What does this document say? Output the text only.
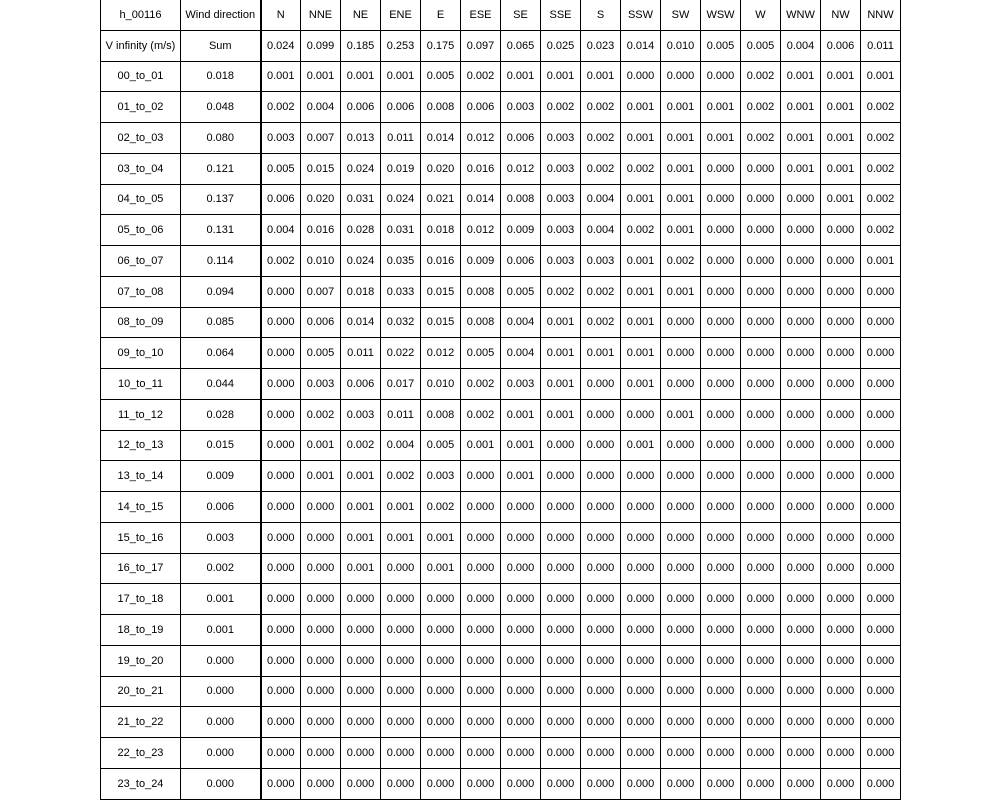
h_00116	Wind direction	N	NNE	NE	ENE	E	ESE	SE	SSE	S	SSW	SW	WSW	W	WNW	NW	NNW
V infinity (m/s)	Sum	0.024	0.099	0.185	0.253	0.175	0.097	0.065	0.025	0.023	0.014	0.010	0.005	0.005	0.004	0.006	0.011
00_to_01	0.018	0.001	0.001	0.001	0.001	0.005	0.002	0.001	0.001	0.001	0.000	0.000	0.000	0.002	0.001	0.001	0.001
01_to_02	0.048	0.002	0.004	0.006	0.006	0.008	0.006	0.003	0.002	0.002	0.001	0.001	0.001	0.002	0.001	0.001	0.002
02_to_03	0.080	0.003	0.007	0.013	0.011	0.014	0.012	0.006	0.003	0.002	0.001	0.001	0.001	0.002	0.001	0.001	0.002
03_to_04	0.121	0.005	0.015	0.024	0.019	0.020	0.016	0.012	0.003	0.002	0.002	0.001	0.000	0.000	0.001	0.001	0.002
04_to_05	0.137	0.006	0.020	0.031	0.024	0.021	0.014	0.008	0.003	0.004	0.001	0.001	0.000	0.000	0.000	0.001	0.002
05_to_06	0.131	0.004	0.016	0.028	0.031	0.018	0.012	0.009	0.003	0.004	0.002	0.001	0.000	0.000	0.000	0.000	0.002
06_to_07	0.114	0.002	0.010	0.024	0.035	0.016	0.009	0.006	0.003	0.003	0.001	0.002	0.000	0.000	0.000	0.000	0.001
07_to_08	0.094	0.000	0.007	0.018	0.033	0.015	0.008	0.005	0.002	0.002	0.001	0.001	0.000	0.000	0.000	0.000	0.000
08_to_09	0.085	0.000	0.006	0.014	0.032	0.015	0.008	0.004	0.001	0.002	0.001	0.000	0.000	0.000	0.000	0.000	0.000
09_to_10	0.064	0.000	0.005	0.011	0.022	0.012	0.005	0.004	0.001	0.001	0.001	0.000	0.000	0.000	0.000	0.000	0.000
10_to_11	0.044	0.000	0.003	0.006	0.017	0.010	0.002	0.003	0.001	0.000	0.001	0.000	0.000	0.000	0.000	0.000	0.000
11_to_12	0.028	0.000	0.002	0.003	0.011	0.008	0.002	0.001	0.001	0.000	0.000	0.001	0.000	0.000	0.000	0.000	0.000
12_to_13	0.015	0.000	0.001	0.002	0.004	0.005	0.001	0.001	0.000	0.000	0.001	0.000	0.000	0.000	0.000	0.000	0.000
13_to_14	0.009	0.000	0.001	0.001	0.002	0.003	0.000	0.001	0.000	0.000	0.000	0.000	0.000	0.000	0.000	0.000	0.000
14_to_15	0.006	0.000	0.000	0.001	0.001	0.002	0.000	0.000	0.000	0.000	0.000	0.000	0.000	0.000	0.000	0.000	0.000
15_to_16	0.003	0.000	0.000	0.001	0.001	0.001	0.000	0.000	0.000	0.000	0.000	0.000	0.000	0.000	0.000	0.000	0.000
16_to_17	0.002	0.000	0.000	0.001	0.000	0.001	0.000	0.000	0.000	0.000	0.000	0.000	0.000	0.000	0.000	0.000	0.000
17_to_18	0.001	0.000	0.000	0.000	0.000	0.000	0.000	0.000	0.000	0.000	0.000	0.000	0.000	0.000	0.000	0.000	0.000
18_to_19	0.001	0.000	0.000	0.000	0.000	0.000	0.000	0.000	0.000	0.000	0.000	0.000	0.000	0.000	0.000	0.000	0.000
19_to_20	0.000	0.000	0.000	0.000	0.000	0.000	0.000	0.000	0.000	0.000	0.000	0.000	0.000	0.000	0.000	0.000	0.000
20_to_21	0.000	0.000	0.000	0.000	0.000	0.000	0.000	0.000	0.000	0.000	0.000	0.000	0.000	0.000	0.000	0.000	0.000
21_to_22	0.000	0.000	0.000	0.000	0.000	0.000	0.000	0.000	0.000	0.000	0.000	0.000	0.000	0.000	0.000	0.000	0.000
22_to_23	0.000	0.000	0.000	0.000	0.000	0.000	0.000	0.000	0.000	0.000	0.000	0.000	0.000	0.000	0.000	0.000	0.000
23_to_24	0.000	0.000	0.000	0.000	0.000	0.000	0.000	0.000	0.000	0.000	0.000	0.000	0.000	0.000	0.000	0.000	0.000
